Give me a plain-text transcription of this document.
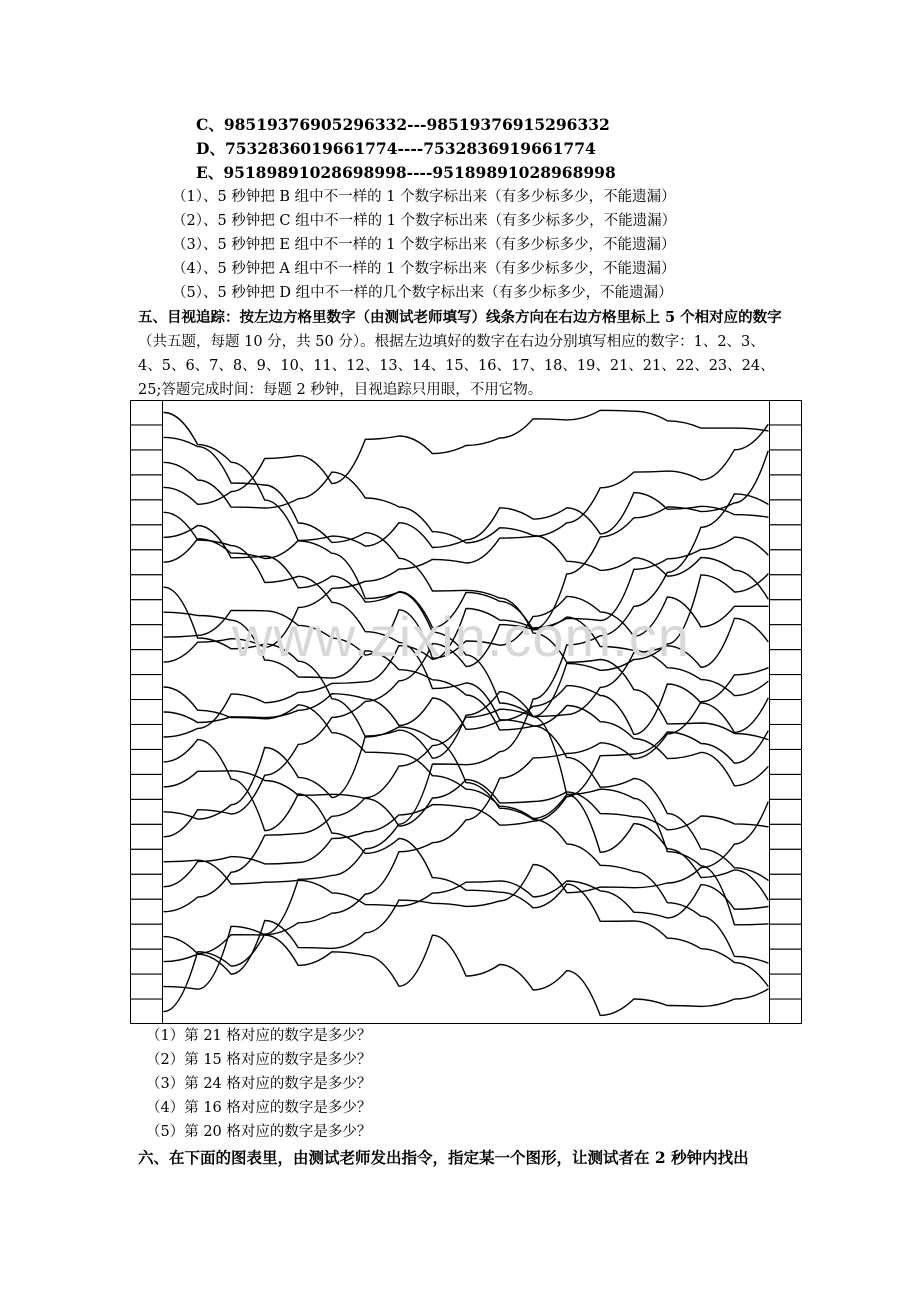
C、98519376905296332---98519376915296332
D、7532836019661774----7532836919661774
E、95189891028698998----95189891028968998
（1）、5 秒钟把 B 组中不一样的 1 个数字标出来（有多少标多少，不能遗漏）
（2）、5 秒钟把 C 组中不一样的 1 个数字标出来（有多少标多少，不能遗漏）
（3）、5 秒钟把 E 组中不一样的 1 个数字标出来（有多少标多少，不能遗漏）
（4）、5 秒钟把 A 组中不一样的 1 个数字标出来（有多少标多少，不能遗漏）
（5）、5 秒钟把 D 组中不一样的几个数字标出来（有多少标多少，不能遗漏）
五、目视追踪：按左边方格里数字（由测试老师填写）线条方向在右边方格里标上 5 个相对应的数字（共五题，每题 10 分，共 50 分）。根据左边填好的数字在右边分别填写相应的数字：1、2、3、4、5、6、7、8、9、10、11、12、13、14、15、16、17、18、19、21、21、22、23、24、25;答题完成时间：每题 2 秒钟，目视追踪只用眼，不用它物。
www.zixin.com.cn
（1）第 21 格对应的数字是多少？
（2）第 15 格对应的数字是多少？
（3）第 24 格对应的数字是多少？
（4）第 16 格对应的数字是多少？
（5）第 20 格对应的数字是多少？
六、在下面的图表里，由测试老师发出指令，指定某一个图形，让测试者在 2 秒钟内找出
